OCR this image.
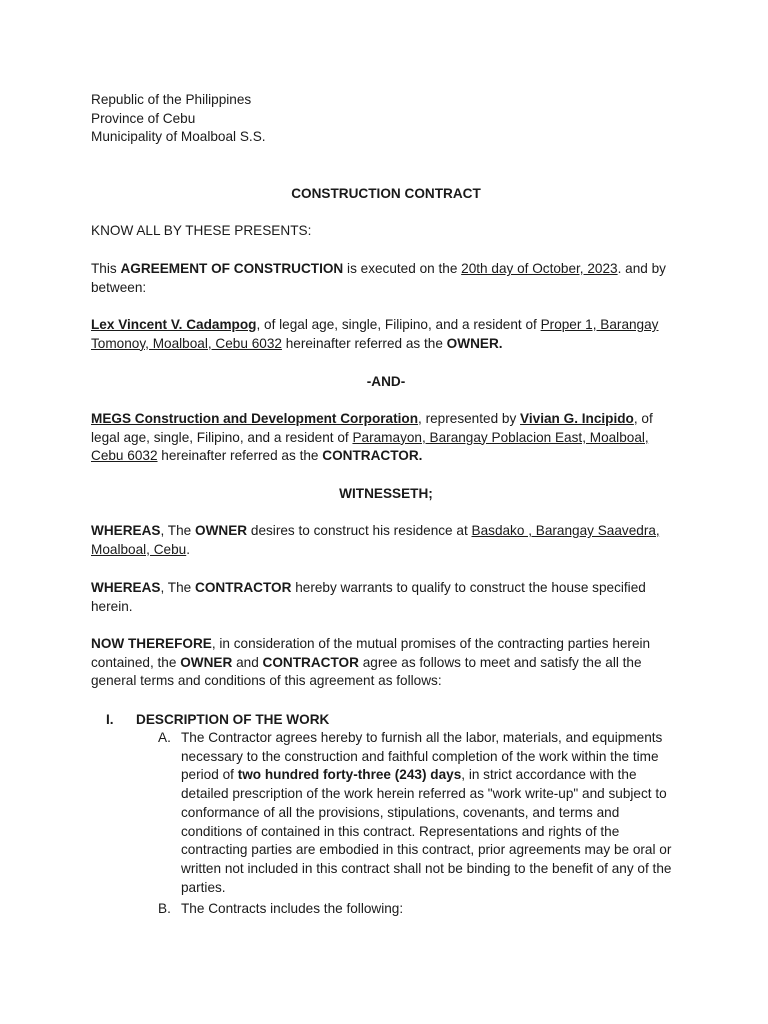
Republic of the Philippines
Province of Cebu
Municipality of Moalboal S.S.

CONSTRUCTION CONTRACT

KNOW ALL BY THESE PRESENTS:

This AGREEMENT OF CONSTRUCTION is executed on the 20th day of October, 2023. and by between:

Lex Vincent V. Cadampog, of legal age, single, Filipino, and a resident of Proper 1, Barangay Tomonoy, Moalboal, Cebu 6032 hereinafter referred as the OWNER.

-AND-

MEGS Construction and Development Corporation, represented by Vivian G. Incipido, of legal age, single, Filipino, and a resident of Paramayon, Barangay Poblacion East, Moalboal, Cebu 6032 hereinafter referred as the CONTRACTOR.

WITNESSETH;

WHEREAS, The OWNER desires to construct his residence at Basdako , Barangay Saavedra, Moalboal, Cebu.

WHEREAS, The CONTRACTOR hereby warrants to qualify to construct the house specified herein.

NOW THEREFORE, in consideration of the mutual promises of the contracting parties herein contained, the OWNER and CONTRACTOR agree as follows to meet and satisfy the all the general terms and conditions of this agreement as follows:

I. DESCRIPTION OF THE WORK
A. The Contractor agrees hereby to furnish all the labor, materials, and equipments necessary to the construction and faithful completion of the work within the time period of two hundred forty-three (243) days, in strict accordance with the detailed prescription of the work herein referred as "work write-up" and subject to conformance of all the provisions, stipulations, covenants, and terms and conditions of contained in this contract. Representations and rights of the contracting parties are embodied in this contract, prior agreements may be oral or written not included in this contract shall not be binding to the benefit of any of the parties.

B. The Contracts includes the following:
